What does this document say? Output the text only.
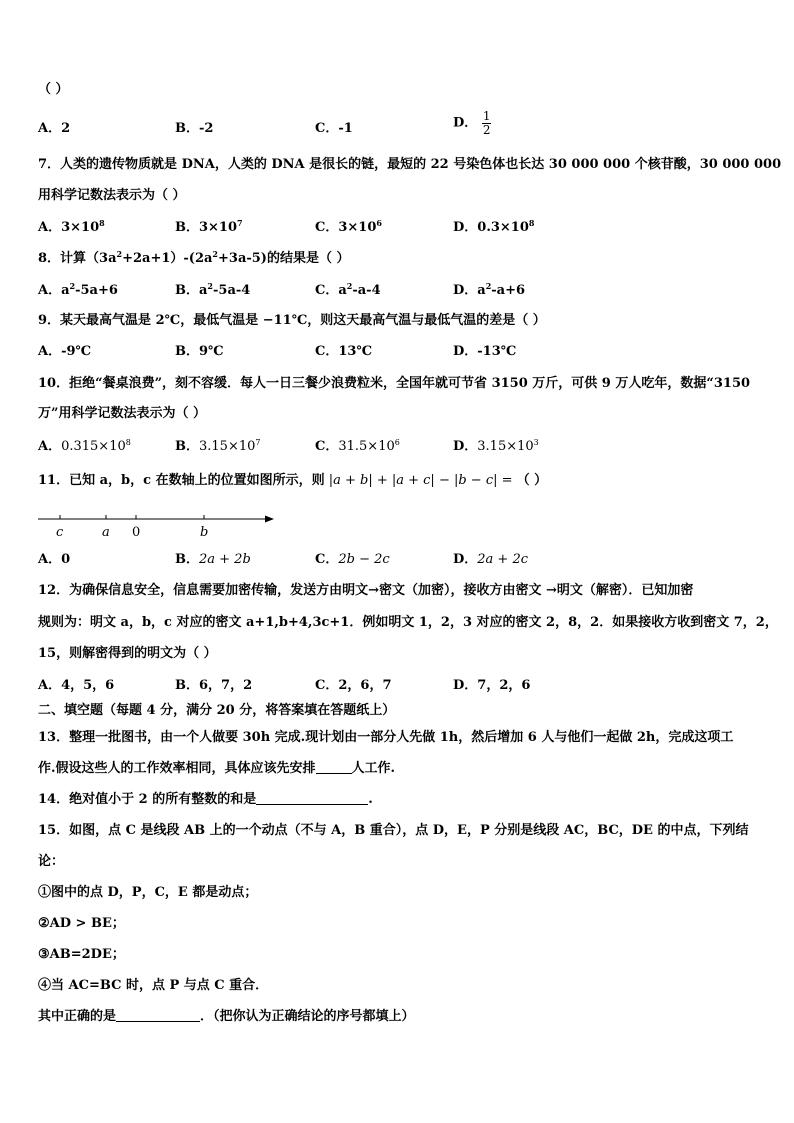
（ ）
A．2	B．-2	C．-1	D． $\frac{1}{2}$
7．人类的遗传物质就是 DNA，人类的 DNA 是很长的链，最短的 22 号染色体也长达 30 000 000 个核苷酸，30 000 000
用科学记数法表示为（ ）
A．$3\times 10^8$	B．$3\times 10^7$	C．$3\times 10^6$	D．$0.3\times 10^8$
8．计算$(3a^2+2a+1)-(2a^2+3a-5)$的结果是（ ）
A．$a^2-5a+6$	B．$a^2-5a-4$	C．$a^2-a-4$	D．$a^2-a+6$
9．某天最高气温是 2℃，最低气温是 −11℃，则这天最高气温与最低气温的差是（ ）
A．-9℃	B．9℃	C．13℃	D．-13℃
10．拒绝“餐桌浪费”，刻不容缓．每人一日三餐少浪费粒米，全国年就可节省 3150 万斤，可供 9 万人吃年，数据“3150
万”用科学记数法表示为（ ）
A．$0.315\times 10^8$	B．$3.15\times 10^7$	C．$31.5\times 10^6$	D．$3.15\times 10^3$
11．已知 a，b，c 在数轴上的位置如图所示，则 |a + b| + |a + c| − |b − c| = （ ）
c	a 0	b
A．0	B．2a + 2b	C．2b − 2c	D．2a + 2c
12．为确保信息安全，信息需要加密传输，发送方由明文→密文（加密），接收方由密文 →明文（解密）．已知加密
规则为：明文 a，b，c 对应的密文 a+1,b+4,3c+1．例如明文 1，2，3 对应的密文 2，8，2．如果接收方收到密文 7，2，
15，则解密得到的明文为（ ）
A．4，5，6	B．6，7，2	C．2，6，7	D．7，2，6
二、填空题（每题 4 分，满分 20 分，将答案填在答题纸上）
13．整理一批图书，由一个人做要 30h 完成.现计划由一部分人先做 1h，然后增加 6 人与他们一起做 2h，完成这项工
作.假设这些人的工作效率相同，具体应该先安排	人工作.
14．绝对值小于 2 的所有整数的和是	.
15．如图，点 C 是线段 AB 上的一个动点（不与 A，B 重合），点 D，E，P 分别是线段 AC，BC，DE 的中点，下列结
论：
①图中的点 D，P，C，E 都是动点；
②AD > BE；
③AB=2DE；
④当 AC=BC 时，点 P 与点 C 重合．
其中正确的是	．（把你认为正确结论的序号都填上）
